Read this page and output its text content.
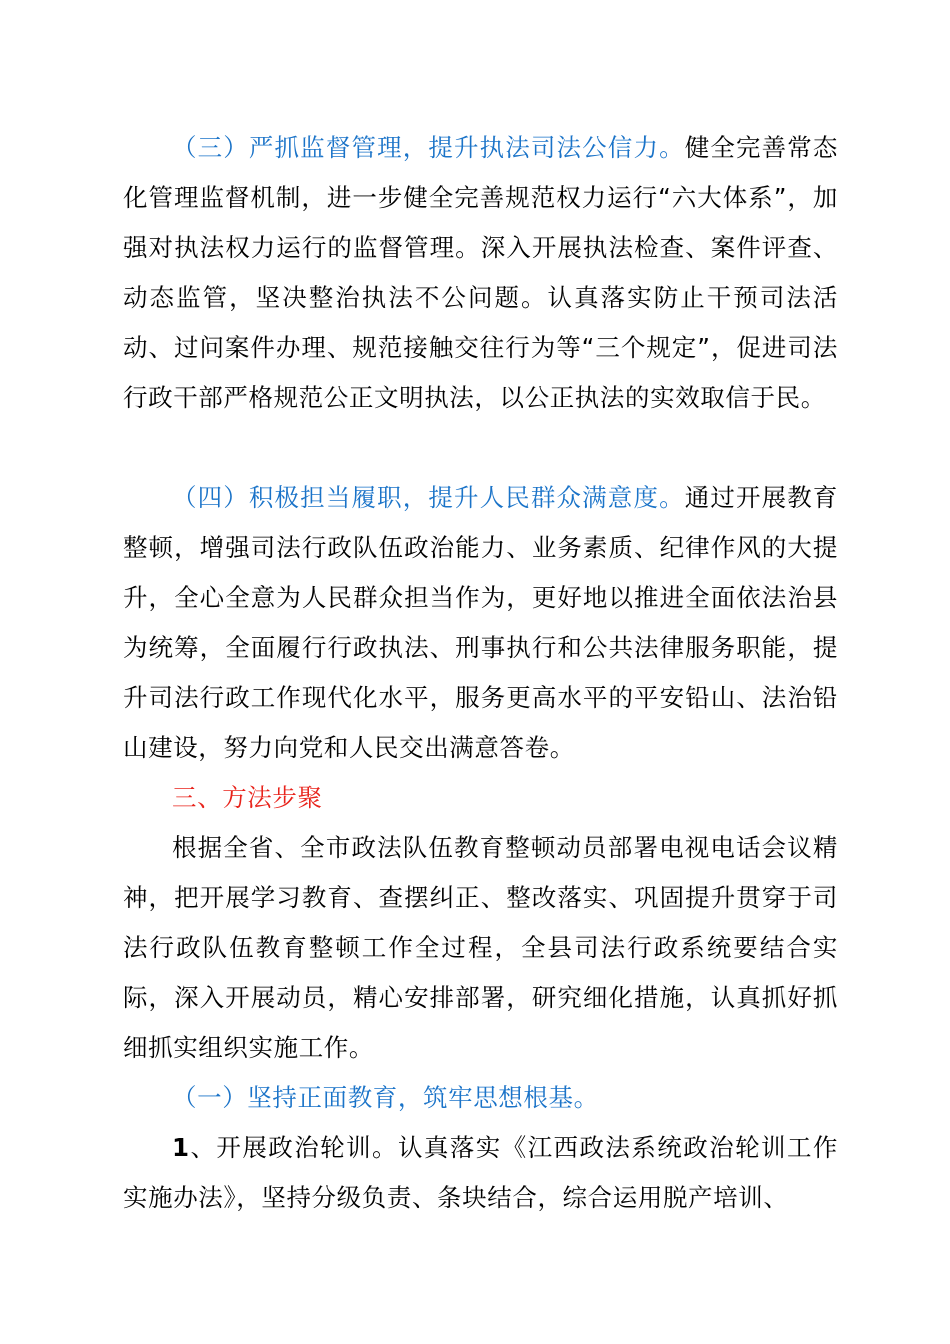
（三）严抓监督管理，提升执法司法公信力。健全完善常态化管理监督机制，进一步健全完善规范权力运行“六大体系”，加强对执法权力运行的监督管理。深入开展执法检查、案件评查、动态监管，坚决整治执法不公问题。认真落实防止干预司法活动、过问案件办理、规范接触交往行为等“三个规定”，促进司法行政干部严格规范公正文明执法，以公正执法的实效取信于民。

（四）积极担当履职，提升人民群众满意度。通过开展教育整顿，增强司法行政队伍政治能力、业务素质、纪律作风的大提升，全心全意为人民群众担当作为，更好地以推进全面依法治县为统筹，全面履行行政执法、刑事执行和公共法律服务职能，提升司法行政工作现代化水平，服务更高水平的平安铅山、法治铅山建设，努力向党和人民交出满意答卷。

三、方法步聚

根据全省、全市政法队伍教育整顿动员部署电视电话会议精神，把开展学习教育、查摆纠正、整改落实、巩固提升贯穿于司法行政队伍教育整顿工作全过程，全县司法行政系统要结合实际，深入开展动员，精心安排部署，研究细化措施，认真抓好抓细抓实组织实施工作。

（一）坚持正面教育，筑牢思想根基。

1、开展政治轮训。认真落实《江西政法系统政治轮训工作实施办法》，坚持分级负责、条块结合，综合运用脱产培训、
